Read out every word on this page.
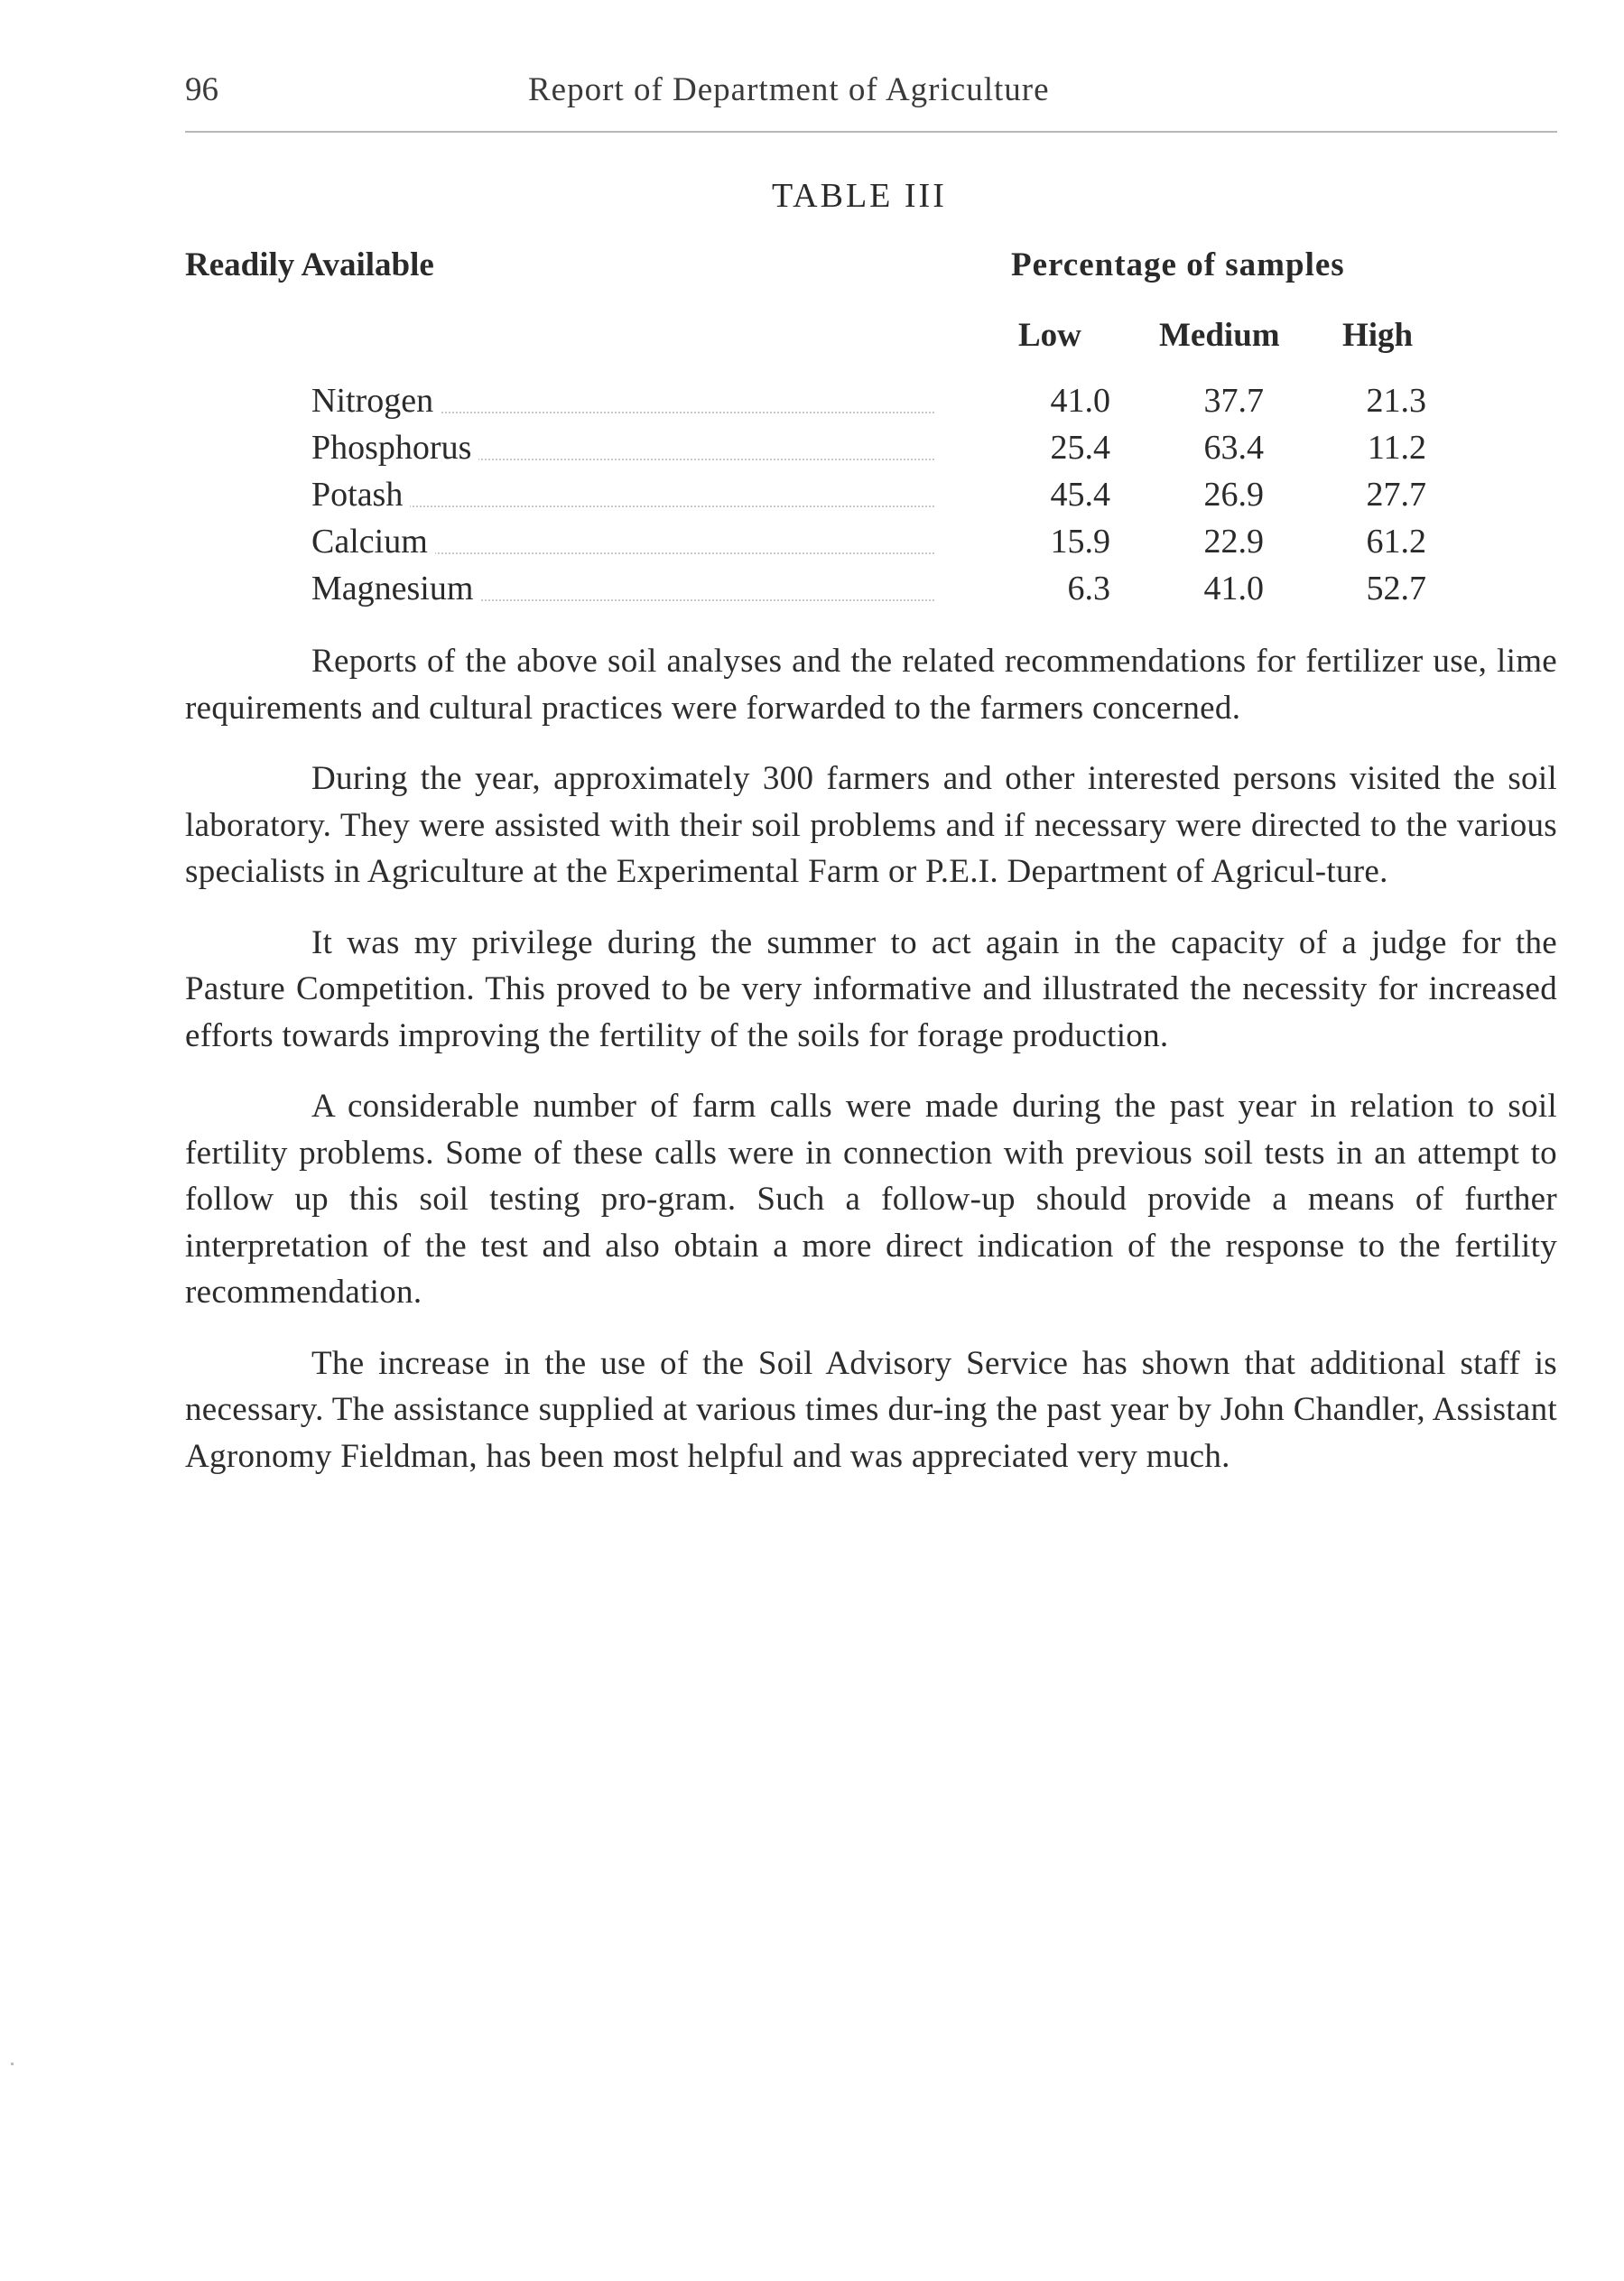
96	Report of Department of Agriculture
TABLE III
Readily Available	Percentage of samples
Low Medium High
Nitrogen	41.0	37.7	21.3
Phosphorus	25.4	63.4	11.2
Potash	45.4	26.9	27.7
Calcium	15.9	22.9	61.2
Magnesium	6.3	41.0	52.7

Reports of the above soil analyses and the related recommendations for fertilizer use, lime requirements and cultural practices were forwarded to the farmers concerned.

During the year, approximately 300 farmers and other interested persons visited the soil laboratory. They were assisted with their soil problems and if necessary were directed to the various specialists in Agriculture at the Experimental Farm or P.E.I. Department of Agricul-ture.

It was my privilege during the summer to act again in the capacity of a judge for the Pasture Competition. This proved to be very informative and illustrated the necessity for increased efforts towards improving the fertility of the soils for forage production.

A considerable number of farm calls were made during the past year in relation to soil fertility problems. Some of these calls were in connection with previous soil tests in an attempt to follow up this soil testing pro-gram. Such a follow-up should provide a means of further interpretation of the test and also obtain a more direct indication of the response to the fertility recommendation.

The increase in the use of the Soil Advisory Service has shown that additional staff is necessary. The assistance supplied at various times dur-ing the past year by John Chandler, Assistant Agronomy Fieldman, has been most helpful and was appreciated very much.
